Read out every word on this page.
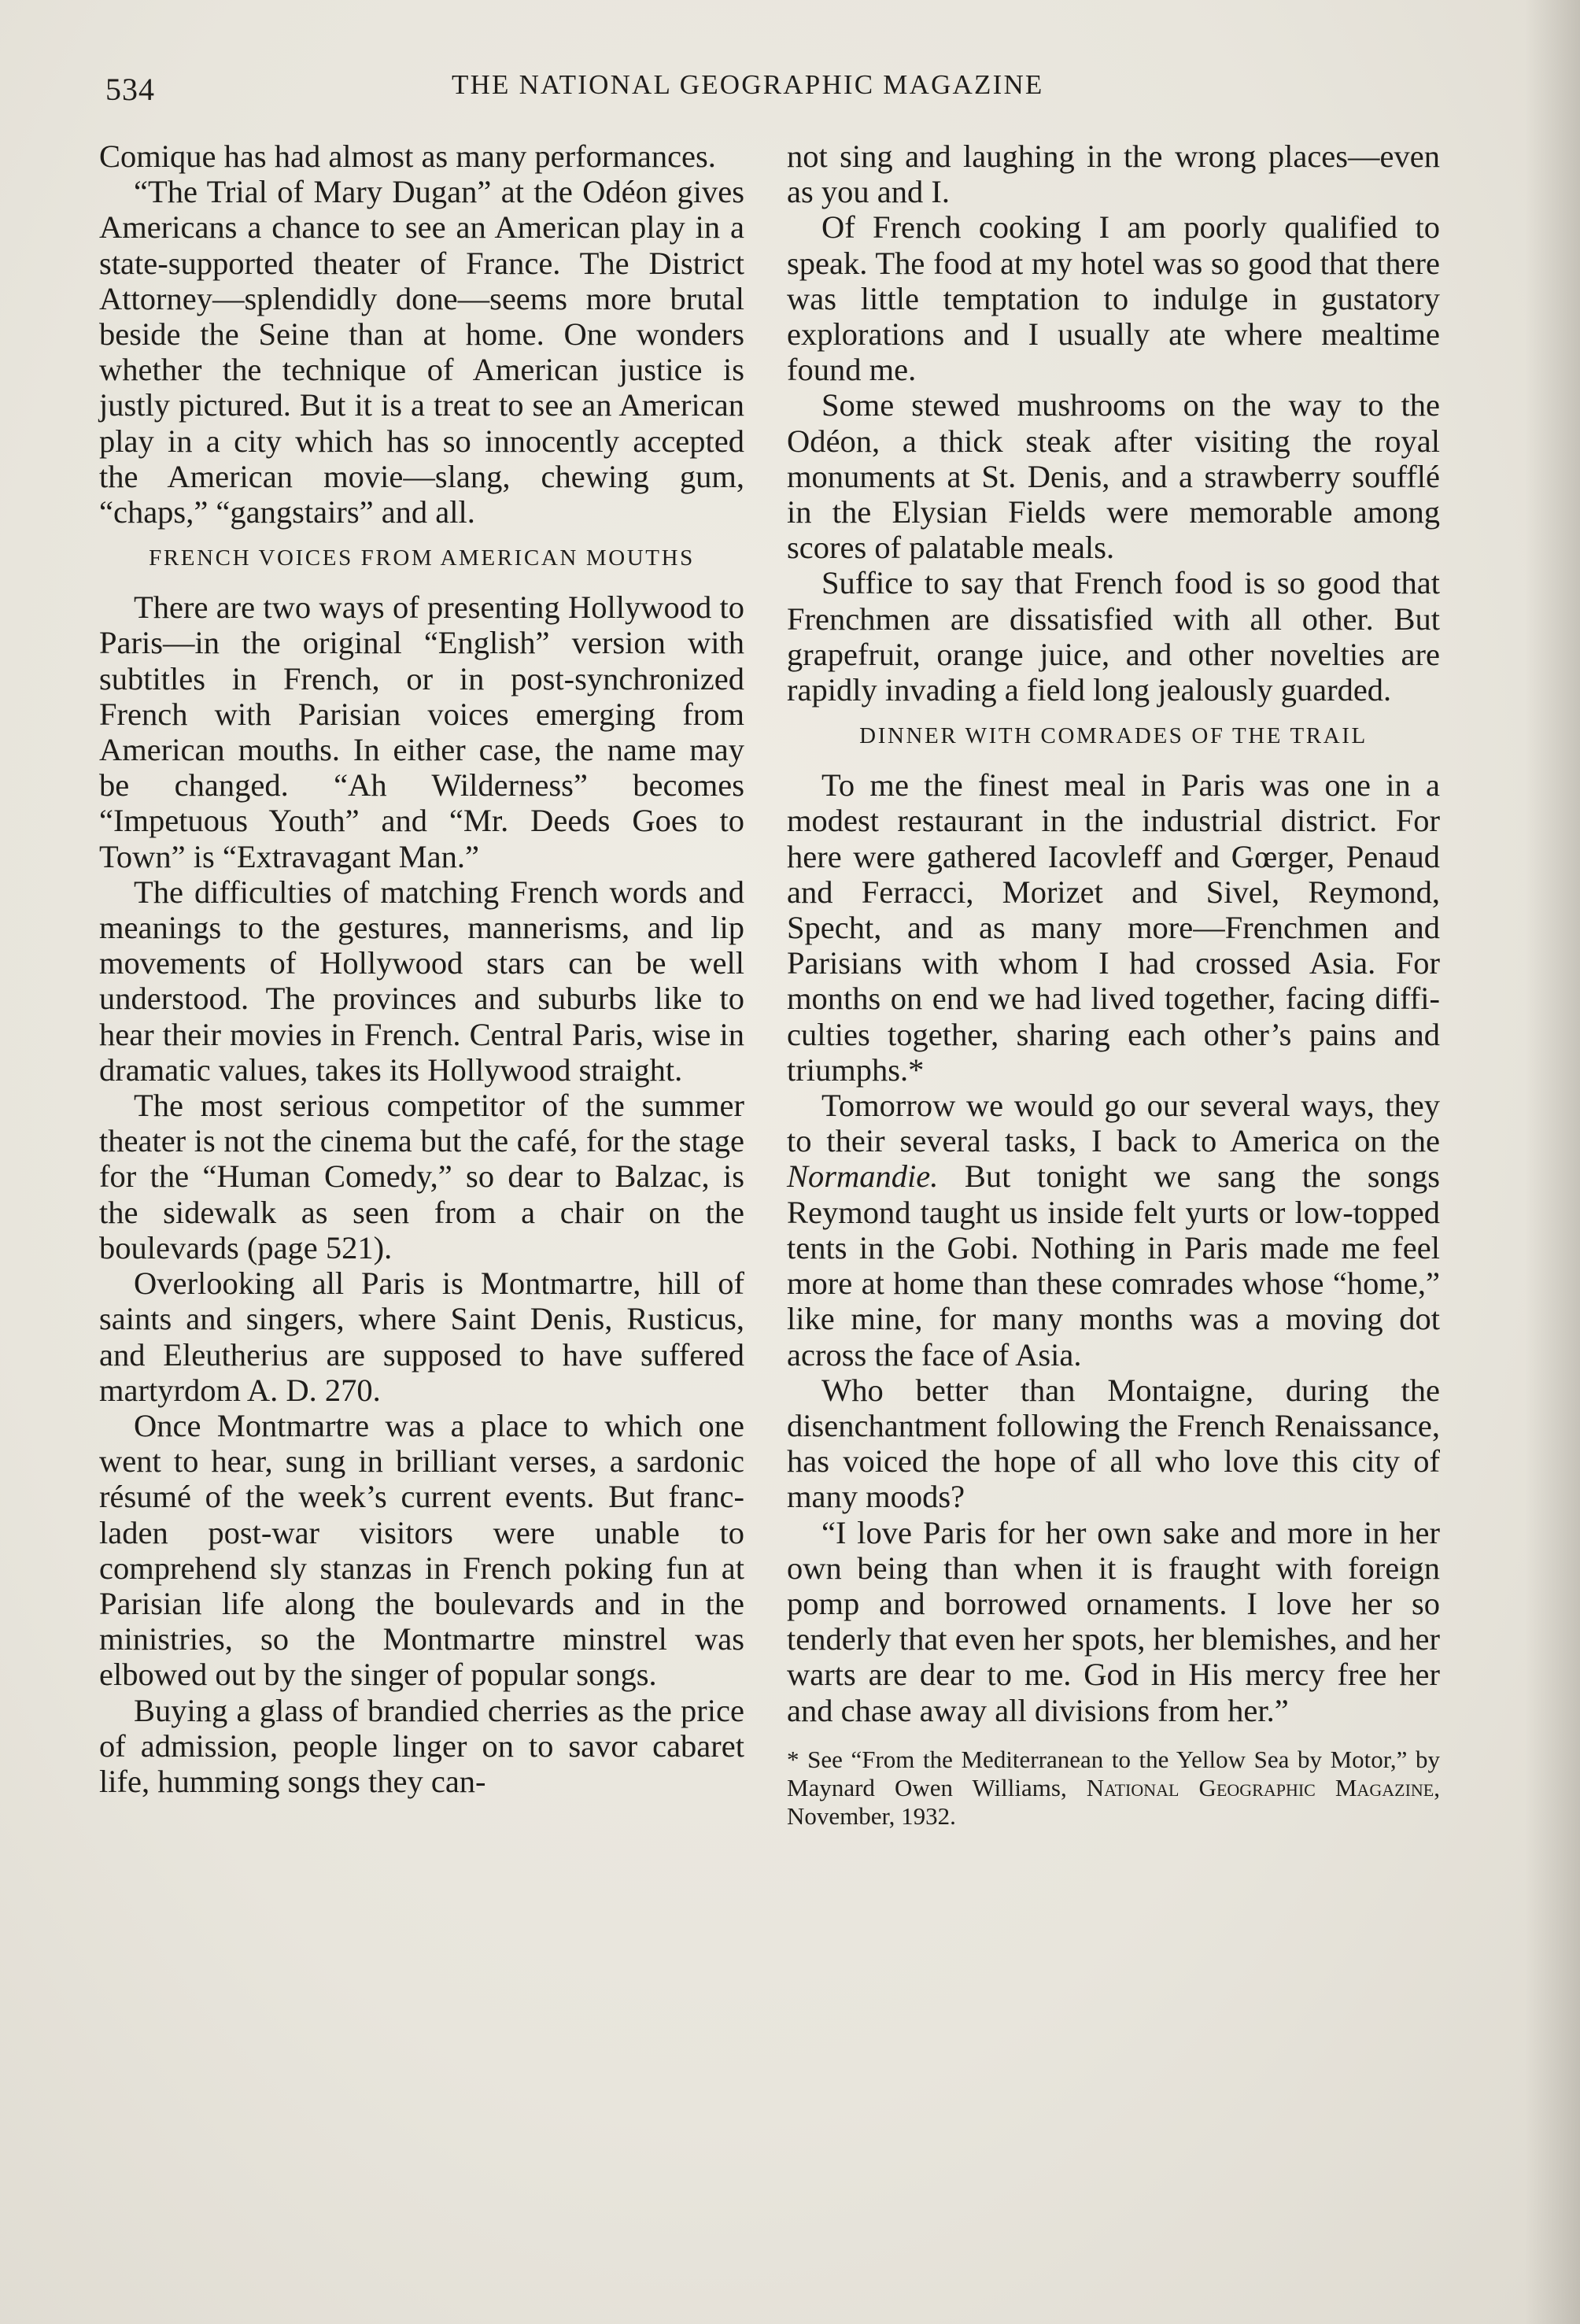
534	THE NATIONAL GEOGRAPHIC MAGAZINE

Comique has had almost as many performances.

“The Trial of Mary Dugan” at the Odéon gives Americans a chance to see an American play in a state-supported theater of France. The District Attorney—splendidly done—seems more brutal beside the Seine than at home. One wonders whether the technique of American justice is justly pictured. But it is a treat to see an American play in a city which has so innocently accepted the American movie—slang, chewing gum, “chaps,” “gangstairs” and all.

FRENCH VOICES FROM AMERICAN MOUTHS

There are two ways of presenting Hollywood to Paris—in the original “English” version with subtitles in French, or in post-synchronized French with Parisian voices emerging from American mouths. In either case, the name may be changed. “Ah Wilderness” becomes “Impetuous Youth” and “Mr. Deeds Goes to Town” is “Extravagant Man.”

The difficulties of matching French words and meanings to the gestures, mannerisms, and lip movements of Hollywood stars can be well understood. The provinces and suburbs like to hear their movies in French. Central Paris, wise in dramatic values, takes its Hollywood straight.

The most serious competitor of the summer theater is not the cinema but the café, for the stage for the “Human Comedy,” so dear to Balzac, is the sidewalk as seen from a chair on the boulevards (page 521).

Overlooking all Paris is Montmartre, hill of saints and singers, where Saint Denis, Rusticus, and Eleutherius are supposed to have suffered martyrdom A. D. 270.

Once Montmartre was a place to which one went to hear, sung in brilliant verses, a sardonic résumé of the week’s current events. But franc-laden post-war visitors were unable to comprehend sly stanzas in French poking fun at Parisian life along the boulevards and in the ministries, so the Montmartre minstrel was elbowed out by the singer of popular songs.

Buying a glass of brandied cherries as the price of admission, people linger on to savor cabaret life, humming songs they can-

not sing and laughing in the wrong places—even as you and I.

Of French cooking I am poorly qualified to speak. The food at my hotel was so good that there was little temptation to indulge in gustatory explorations and I usually ate where mealtime found me.

Some stewed mushrooms on the way to the Odéon, a thick steak after visiting the royal monuments at St. Denis, and a strawberry soufflé in the Elysian Fields were memorable among scores of palatable meals.

Suffice to say that French food is so good that Frenchmen are dissatisfied with all other. But grapefruit, orange juice, and other novelties are rapidly invading a field long jealously guarded.

DINNER WITH COMRADES OF THE TRAIL

To me the finest meal in Paris was one in a modest restaurant in the industrial district. For here were gathered Iacovleff and Gœrger, Penaud and Ferracci, Morizet and Sivel, Reymond, Specht, and as many more—Frenchmen and Parisians with whom I had crossed Asia. For months on end we had lived together, facing difficulties together, sharing each other’s pains and triumphs.*

Tomorrow we would go our several ways, they to their several tasks, I back to America on the Normandie. But tonight we sang the songs Reymond taught us inside felt yurts or low-topped tents in the Gobi. Nothing in Paris made me feel more at home than these comrades whose “home,” like mine, for many months was a moving dot across the face of Asia.

Who better than Montaigne, during the disenchantment following the French Renaissance, has voiced the hope of all who love this city of many moods?

“I love Paris for her own sake and more in her own being than when it is fraught with foreign pomp and borrowed ornaments. I love her so tenderly that even her spots, her blemishes, and her warts are dear to me. God in His mercy free her and chase away all divisions from her.”

* See “From the Mediterranean to the Yellow Sea by Motor,” by Maynard Owen Williams, National Geographic Magazine, November, 1932.
